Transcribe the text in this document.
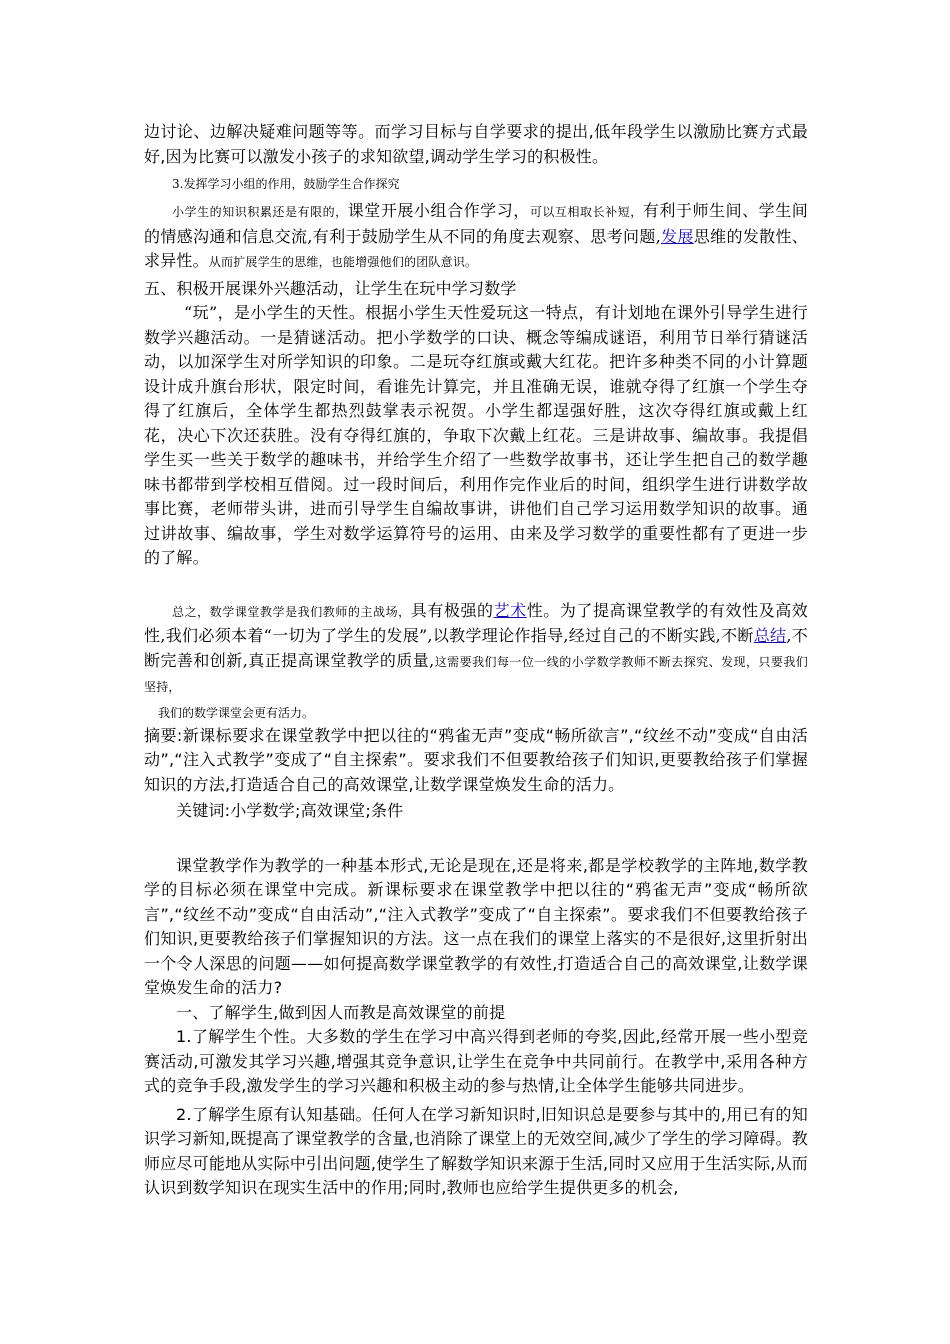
边讨论、边解决疑难问题等等。而学习目标与自学要求的提出,低年段学生以激励比赛方式最好,因为比赛可以激发小孩子的求知欲望,调动学生学习的积极性。

3.发挥学习小组的作用，鼓励学生合作探究

小学生的知识积累还是有限的，课堂开展小组合作学习，可以互相取长补短，有利于师生间、学生间的情感沟通和信息交流,有利于鼓励学生从不同的角度去观察、思考问题,发展思维的发散性、求异性。从而扩展学生的思维，也能增强他们的团队意识。

五、积极开展课外兴趣活动，让学生在玩中学习数学

“玩”，是小学生的天性。根据小学生天性爱玩这一特点，有计划地在课外引导学生进行数学兴趣活动。一是猜谜活动。把小学数学的口诀、概念等编成谜语，利用节日举行猜谜活动，以加深学生对所学知识的印象。二是玩夺红旗或戴大红花。把许多种类不同的小计算题设计成升旗台形状，限定时间，看谁先计算完，并且准确无误，谁就夺得了红旗一个学生夺得了红旗后，全体学生都热烈鼓掌表示祝贺。小学生都逞强好胜，这次夺得红旗或戴上红花，决心下次还获胜。没有夺得红旗的，争取下次戴上红花。三是讲故事、编故事。我提倡学生买一些关于数学的趣味书，并给学生介绍了一些数学故事书，还让学生把自己的数学趣味书都带到学校相互借阅。过一段时间后，利用作完作业后的时间，组织学生进行讲数学故事比赛，老师带头讲，进而引导学生自编故事讲，讲他们自己学习运用数学知识的故事。通过讲故事、编故事，学生对数学运算符号的运用、由来及学习数学的重要性都有了更进一步的了解。

总之，数学课堂教学是我们教师的主战场，具有极强的艺术性。为了提高课堂教学的有效性及高效性,我们必须本着“一切为了学生的发展”,以教学理论作指导,经过自己的不断实践,不断总结,不断完善和创新,真正提高课堂教学的质量,这需要我们每一位一线的小学数学教师不断去探究、发现，只要我们坚持，

我们的数学课堂会更有活力。

摘要:新课标要求在课堂教学中把以往的“鸦雀无声”变成“畅所欲言”,“纹丝不动”变成“自由活动”,“注入式教学”变成了“自主探索”。要求我们不但要教给孩子们知识,更要教给孩子们掌握知识的方法,打造适合自己的高效课堂,让数学课堂焕发生命的活力。

关键词:小学数学;高效课堂;条件

课堂教学作为教学的一种基本形式,无论是现在,还是将来,都是学校教学的主阵地,数学教学的目标必须在课堂中完成。新课标要求在课堂教学中把以往的“鸦雀无声”变成“畅所欲言”,“纹丝不动”变成“自由活动”,“注入式教学”变成了“自主探索”。要求我们不但要教给孩子们知识,更要教给孩子们掌握知识的方法。这一点在我们的课堂上落实的不是很好,这里折射出一个令人深思的问题——如何提高数学课堂教学的有效性,打造适合自己的高效课堂,让数学课堂焕发生命的活力?

一、了解学生,做到因人而教是高效课堂的前提

1.了解学生个性。大多数的学生在学习中高兴得到老师的夸奖,因此,经常开展一些小型竞赛活动,可激发其学习兴趣,增强其竞争意识,让学生在竞争中共同前行。在教学中,采用各种方式的竞争手段,激发学生的学习兴趣和积极主动的参与热情,让全体学生能够共同进步。

2.了解学生原有认知基础。任何人在学习新知识时,旧知识总是要参与其中的,用已有的知识学习新知,既提高了课堂教学的含量,也消除了课堂上的无效空间,减少了学生的学习障碍。教师应尽可能地从实际中引出问题,使学生了解数学知识来源于生活,同时又应用于生活实际,从而认识到数学知识在现实生活中的作用;同时,教师也应给学生提供更多的机会,
